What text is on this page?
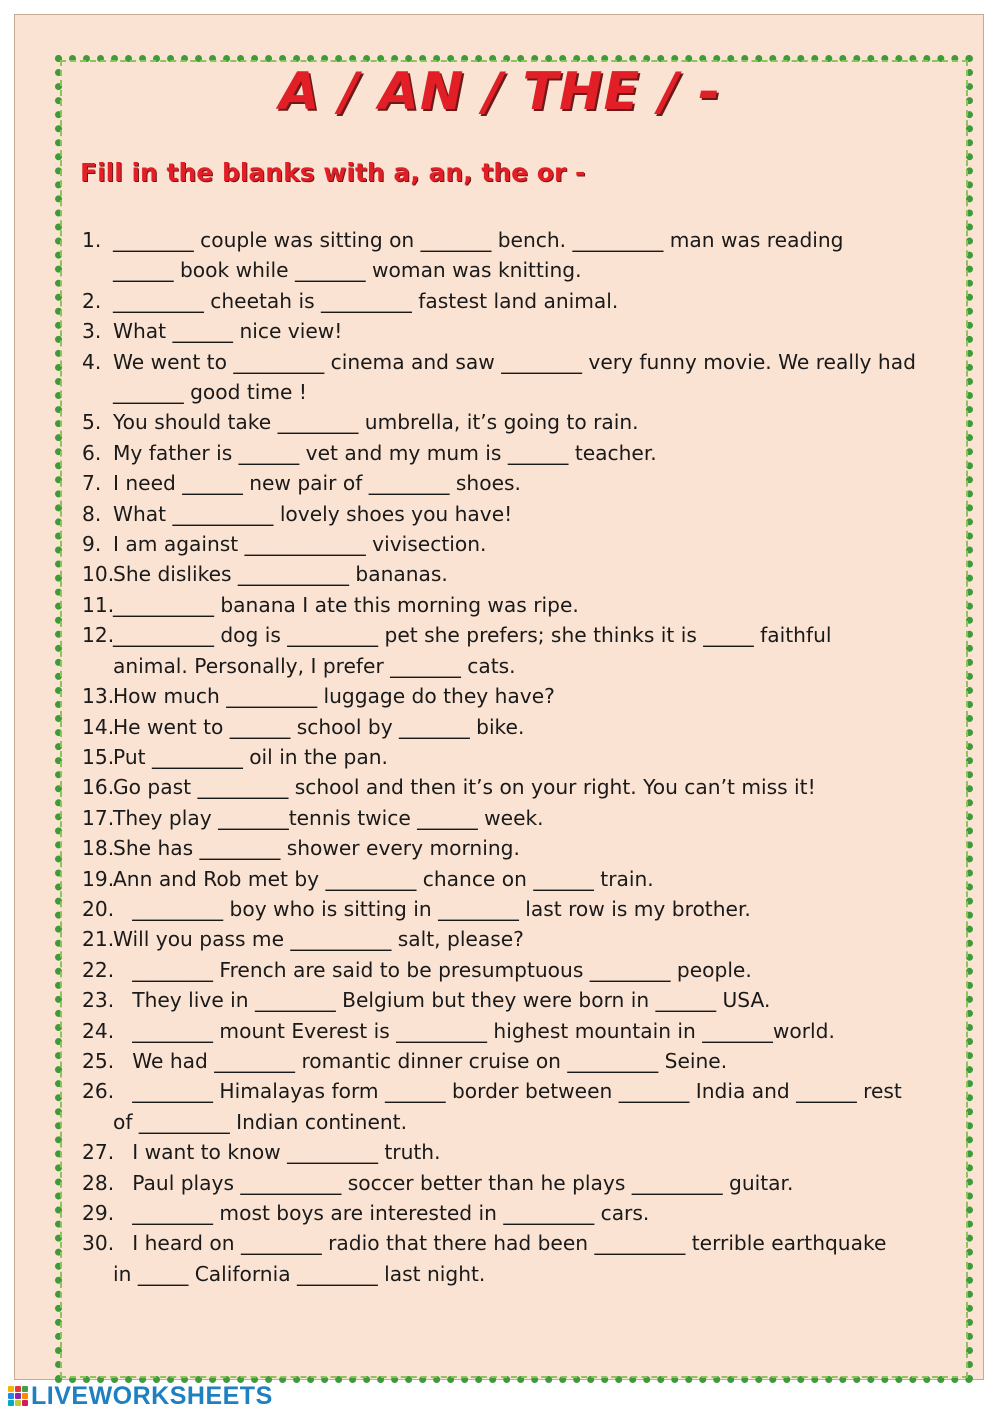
A / AN / THE / -

Fill in the blanks with a, an, the or -

1. ________ couple was sitting on _______ bench. _________ man was reading
______ book while _______ woman was knitting.
2. _________ cheetah is _________ fastest land animal.
3. What ______ nice view!
4. We went to _________ cinema and saw ________ very funny movie. We really had
_______ good time !
5. You should take ________ umbrella, it’s going to rain.
6. My father is ______ vet and my mum is ______ teacher.
7. I need ______ new pair of ________ shoes.
8. What __________ lovely shoes you have!
9. I am against ____________ vivisection.
10.
She dislikes ___________ bananas.
11.
__________ banana I ate this morning was ripe.
12.
__________ dog is _________ pet she prefers; she thinks it is _____ faithful
animal. Personally, I prefer _______ cats.
13.
How much _________ luggage do they have?
14.
He went to ______ school by _______ bike.
15.
Put _________ oil in the pan.
16.
Go past _________ school and then it’s on your right. You can’t miss it!
17.
They play _______tennis twice ______ week.
18.
She has ________ shower every morning.
19.
Ann and Rob met by _________ chance on ______ train.
20.
_________ boy who is sitting in ________ last row is my brother.
21.
Will you pass me __________ salt, please?
22.
________ French are said to be presumptuous ________ people.
23.
They live in ________ Belgium but they were born in ______ USA.
24.
________ mount Everest is _________ highest mountain in _______world.
25.
We had ________ romantic dinner cruise on _________ Seine.
26.
________ Himalayas form ______ border between _______ India and ______ rest
of _________ Indian continent.
27.
I want to know _________ truth.
28.
Paul plays __________ soccer better than he plays _________ guitar.
29.
________ most boys are interested in _________ cars.
30.
I heard on ________ radio that there had been _________ terrible earthquake
in _____ California ________ last night.
LIVEWORKSHEETS
